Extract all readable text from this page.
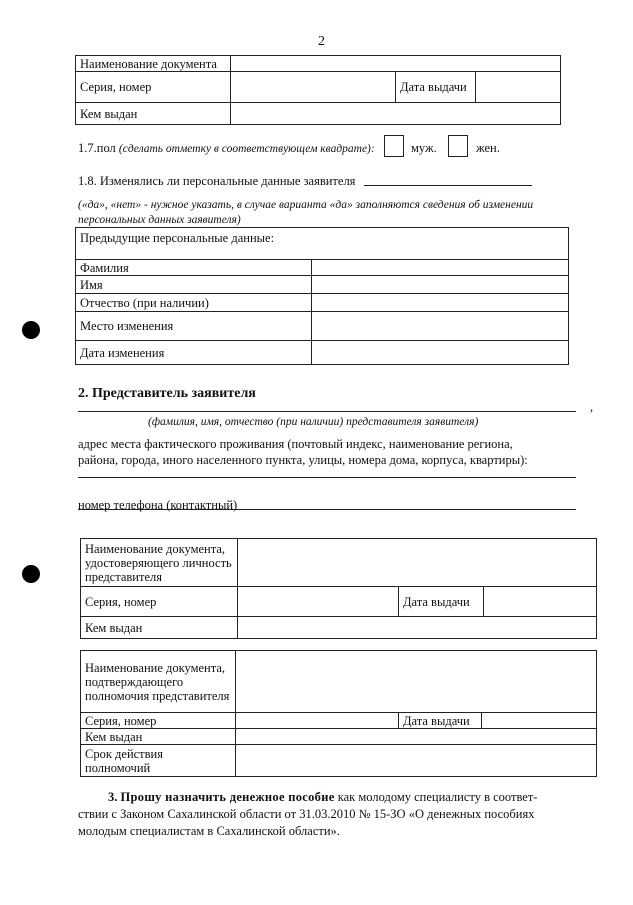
2
Наименование документа			
Серия, номер		Дата выдачи	
Кем выдан			
1.7.пол (сделать отметку в соответствующем квадрате):	муж.	жен.
1.8. Изменялись ли персональные данные заявителя
(«да», «нет» - нужное указать, в случае варианта «да» заполняются сведения об изменении персональных данных заявителя)
Предыдущие персональные данные:	
Фамилия	
Имя	
Отчество (при наличии)	
Место изменения	
Дата изменения	
2. Представитель заявителя
,
(фамилия, имя, отчество (при наличии) представителя заявителя)
адрес места фактического проживания (почтовый индекс, наименование региона,
района, города, иного населенного пункта, улицы, номера дома, корпуса, квартиры):
номер телефона (контактный)
Наименование документа, удостоверяющего личность представителя			
Серия, номер		Дата выдачи	
Кем выдан			
Наименование документа, подтверждающего полномочия представителя			
Серия, номер		Дата выдачи	
Кем выдан			
Срок действия полномочий			
3. Прошу назначить денежное пособие как молодому специалисту в соответ-
ствии с Законом Сахалинской области от 31.03.2010 № 15-ЗО «О денежных пособиях
молодым специалистам в Сахалинской области».
